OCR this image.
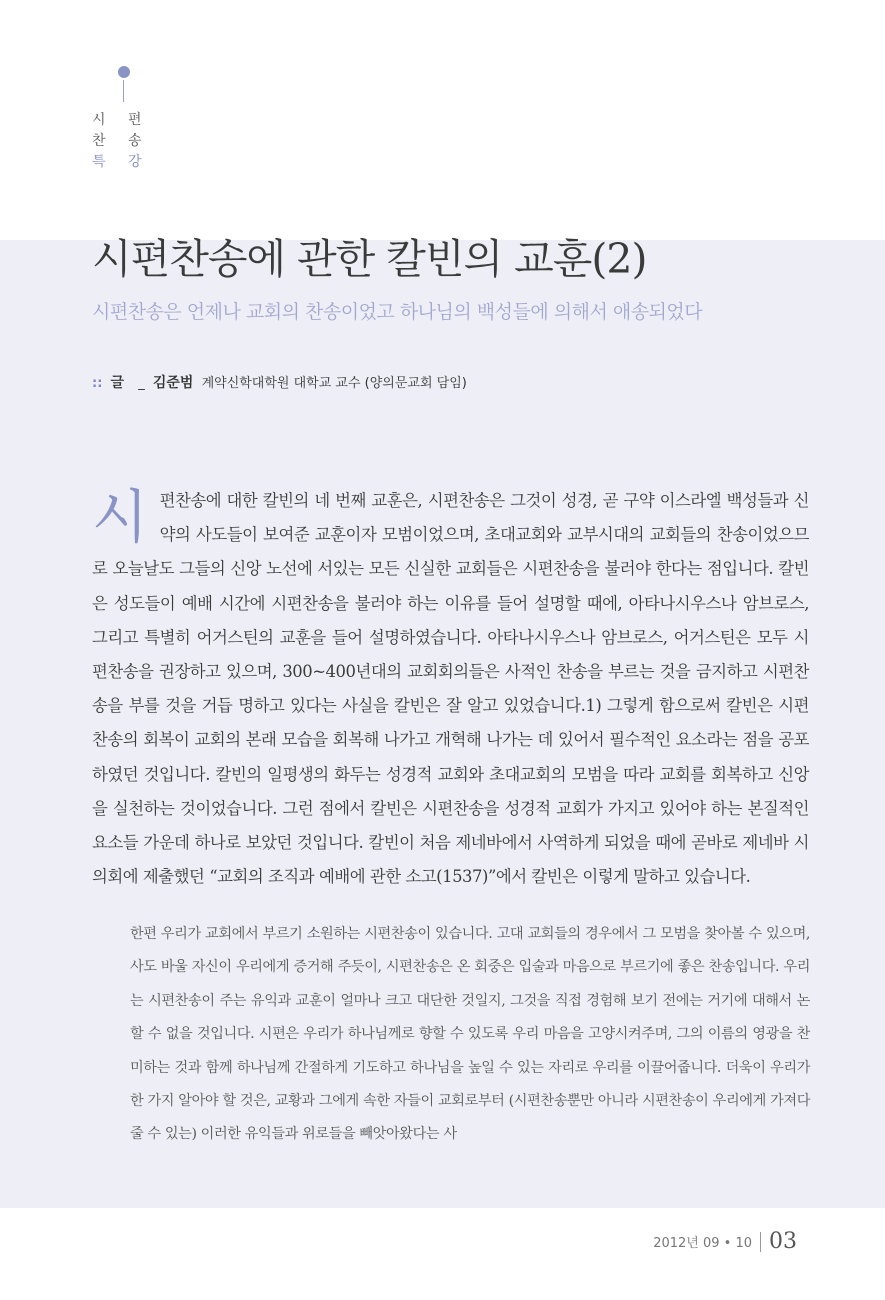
시 편
찬 송
특 강
시편찬송에 관한 칼빈의 교훈(2)

시편찬송은 언제나 교회의 찬송이었고 하나님의 백성들에 의해서 애송되었다

:: 글 _ 김준범 계약신학대학원 대학교 교수 (양의문교회 담임)
시 편찬송에 대한 칼빈의 네 번째 교훈은, 시편찬송은 그것이 성경, 곧 구약 이스라엘 백성들과 신약의 사도들이 보여준 교훈이자 모범이었으며, 초대교회와 교부시대의 교회들의 찬송이었으므로 오늘날도 그들의 신앙 노선에 서있는 모든 신실한 교회들은 시편찬송을 불러야 한다는 점입니다. 칼빈은 성도들이 예배 시간에 시편찬송을 불러야 하는 이유를 들어 설명할 때에, 아타나시우스나 암브로스, 그리고 특별히 어거스틴의 교훈을 들어 설명하였습니다. 아타나시우스나 암브로스, 어거스틴은 모두 시편찬송을 권장하고 있으며, 300~400년대의 교회회의들은 사적인 찬송을 부르는 것을 금지하고 시편찬송을 부를 것을 거듭 명하고 있다는 사실을 칼빈은 잘 알고 있었습니다.1) 그렇게 함으로써 칼빈은 시편찬송의 회복이 교회의 본래 모습을 회복해 나가고 개혁해 나가는 데 있어서 필수적인 요소라는 점을 공포하였던 것입니다. 칼빈의 일평생의 화두는 성경적 교회와 초대교회의 모범을 따라 교회를 회복하고 신앙을 실천하는 것이었습니다. 그런 점에서 칼빈은 시편찬송을 성경적 교회가 가지고 있어야 하는 본질적인 요소들 가운데 하나로 보았던 것입니다. 칼빈이 처음 제네바에서 사역하게 되었을 때에 곧바로 제네바 시의회에 제출했던 “교회의 조직과 예배에 관한 소고(1537)”에서 칼빈은 이렇게 말하고 있습니다.
한편 우리가 교회에서 부르기 소원하는 시편찬송이 있습니다. 고대 교회들의 경우에서 그 모범을 찾아볼 수 있으며, 사도 바울 자신이 우리에게 증거해 주듯이, 시편찬송은 온 회중은 입술과 마음으로 부르기에 좋은 찬송입니다. 우리는 시편찬송이 주는 유익과 교훈이 얼마나 크고 대단한 것일지, 그것을 직접 경험해 보기 전에는 거기에 대해서 논할 수 없을 것입니다. 시편은 우리가 하나님께로 향할 수 있도록 우리 마음을 고양시켜주며, 그의 이름의 영광을 찬미하는 것과 함께 하나님께 간절하게 기도하고 하나님을 높일 수 있는 자리로 우리를 이끌어줍니다. 더욱이 우리가 한 가지 알아야 할 것은, 교황과 그에게 속한 자들이 교회로부터 (시편찬송뿐만 아니라 시편찬송이 우리에게 가져다줄 수 있는) 이러한 유익들과 위로들을 빼앗아왔다는 사
2012년 09 • 10 03
